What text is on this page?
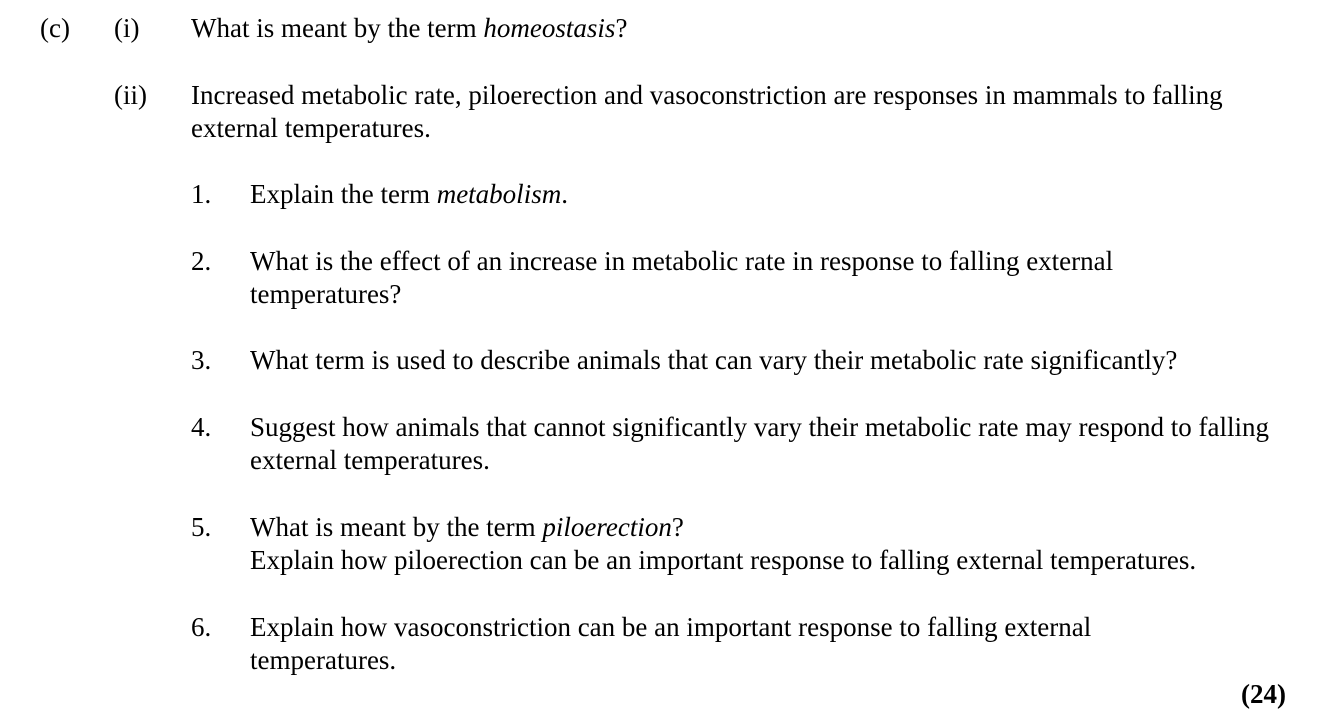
(c) (i) What is meant by the term homeostasis?

(ii) Increased metabolic rate, piloerection and vasoconstriction are responses in mammals to falling external temperatures.

1. Explain the term metabolism.

2. What is the effect of an increase in metabolic rate in response to falling external temperatures?

3. What term is used to describe animals that can vary their metabolic rate significantly?

4. Suggest how animals that cannot significantly vary their metabolic rate may respond to falling external temperatures.

5. What is meant by the term piloerection?
Explain how piloerection can be an important response to falling external temperatures.

6. Explain how vasoconstriction can be an important response to falling external temperatures.

(24)
